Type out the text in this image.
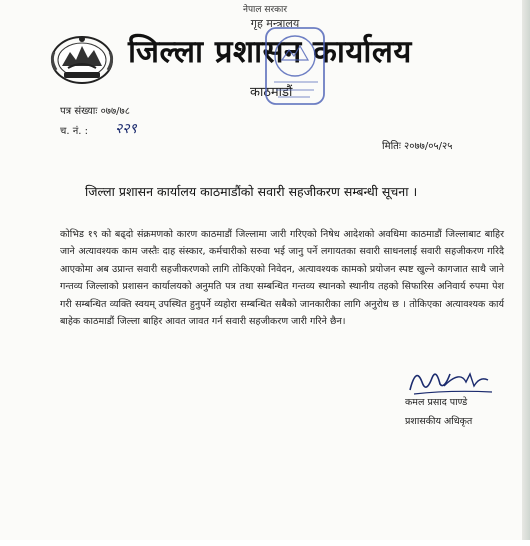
नेपाल सरकार
गृह मन्त्रालय
जिल्ला प्रशासन कार्यालय
काठमाडौं
पत्र संख्याः ०७७/७८
च. नं. : २२९
मितिः २०७७/०५/२५
जिल्ला प्रशासन कार्यालय काठमाडौंको सवारी सहजीकरण सम्बन्धी सूचना ।
कोभिड १९ को बढ्दो संक्रमणको कारण काठमाडौं जिल्लामा जारी गरिएको निषेध आदेशको अवधिमा काठमाडौं जिल्लाबाट बाहिर जाने अत्यावश्यक काम जस्तैः दाह संस्कार, कर्मचारीको सरुवा भई जानु पर्ने लगायतका सवारी साधनलाई सवारी सहजीकरण गरिदै आएकोमा अब उप्रान्त सवारी सहजीकरणको लागि तोकिएको निवेदन, अत्यावश्यक कामको प्रयोजन स्पष्ट खुल्ने कागजात साथै जाने गन्तव्य जिल्लाको प्रशासन कार्यालयको अनुमति पत्र तथा सम्बन्धित गन्तव्य स्थानको स्थानीय तहको सिफारिस अनिवार्य रुपमा पेश गरी सम्बन्धित व्यक्ति स्वयम् उपस्थित हुनुपर्ने व्यहोरा सम्बन्धित सबैको जानकारीका लागि अनुरोध छ । तोकिएका अत्यावश्यक कार्य बाहेक काठमाडौं जिल्ला बाहिर आवत जावत गर्न सवारी सहजीकरण जारी गरिने छैन।
कमल प्रसाद पाण्डे
प्रशासकीय अधिकृत
